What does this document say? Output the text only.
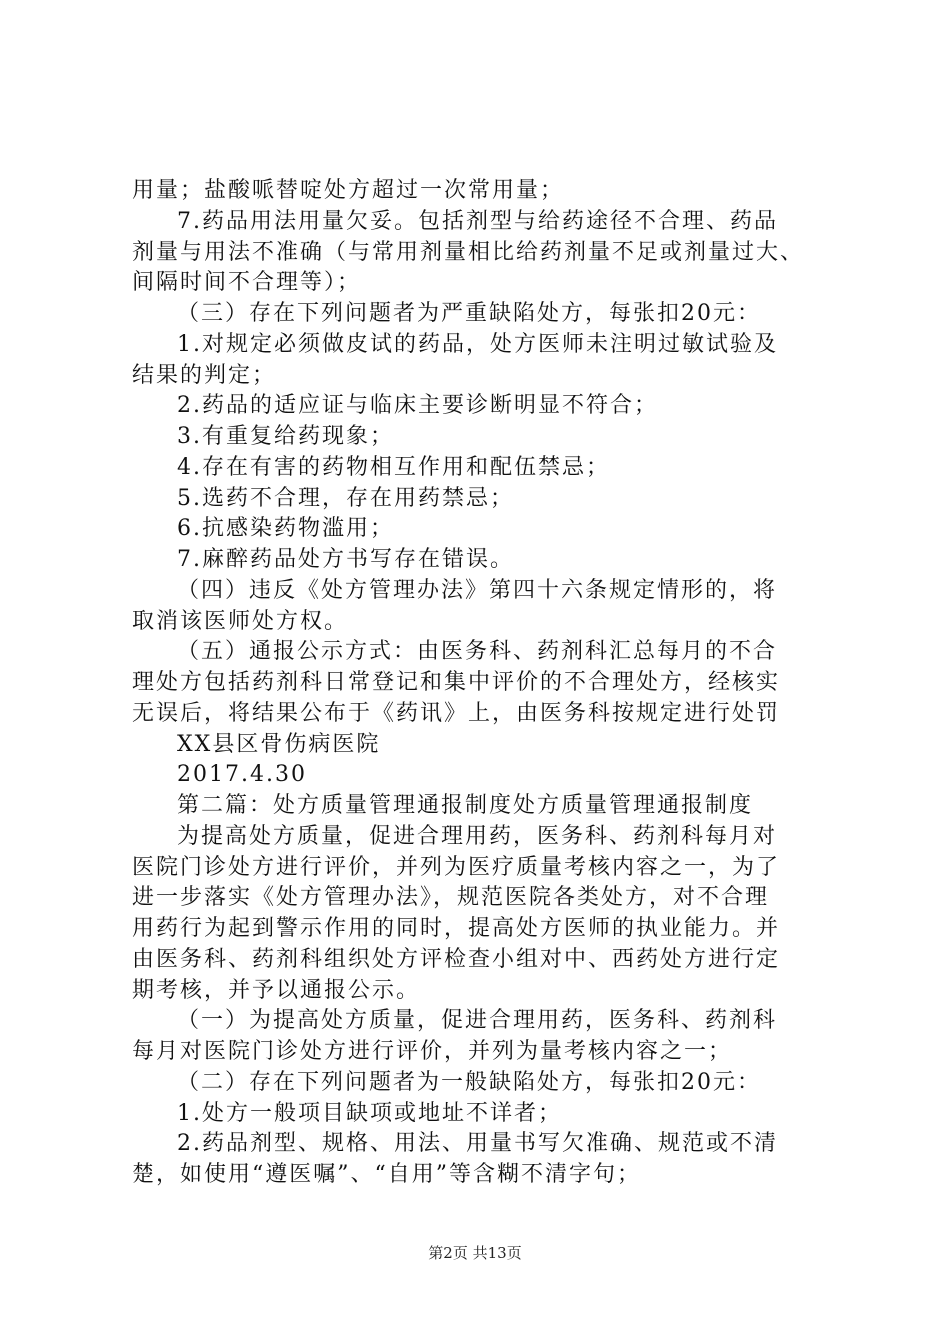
用量；盐酸哌替啶处方超过一次常用量；
7.药品用法用量欠妥。包括剂型与给药途径不合理、药品
剂量与用法不准确（与常用剂量相比给药剂量不足或剂量过大、
间隔时间不合理等）；
（三）存在下列问题者为严重缺陷处方，每张扣20元：
1.对规定必须做皮试的药品，处方医师未注明过敏试验及
结果的判定；
2.药品的适应证与临床主要诊断明显不符合；
3.有重复给药现象；
4.存在有害的药物相互作用和配伍禁忌；
5.选药不合理，存在用药禁忌；
6.抗感染药物滥用；
7.麻醉药品处方书写存在错误。
（四）违反《处方管理办法》第四十六条规定情形的，将
取消该医师处方权。
（五）通报公示方式：由医务科、药剂科汇总每月的不合
理处方包括药剂科日常登记和集中评价的不合理处方，经核实
无误后，将结果公布于《药讯》上，由医务科按规定进行处罚
XX县区骨伤病医院
2017.4.30
第二篇：处方质量管理通报制度处方质量管理通报制度
为提高处方质量，促进合理用药，医务科、药剂科每月对
医院门诊处方进行评价，并列为医疗质量考核内容之一，为了
进一步落实《处方管理办法》，规范医院各类处方，对不合理
用药行为起到警示作用的同时，提高处方医师的执业能力。并
由医务科、药剂科组织处方评检查小组对中、西药处方进行定
期考核，并予以通报公示。
（一）为提高处方质量，促进合理用药，医务科、药剂科
每月对医院门诊处方进行评价，并列为量考核内容之一；
（二）存在下列问题者为一般缺陷处方，每张扣20元：
1.处方一般项目缺项或地址不详者；
2.药品剂型、规格、用法、用量书写欠准确、规范或不清
楚，如使用“遵医嘱”、“自用”等含糊不清字句；
第2页 共13页
